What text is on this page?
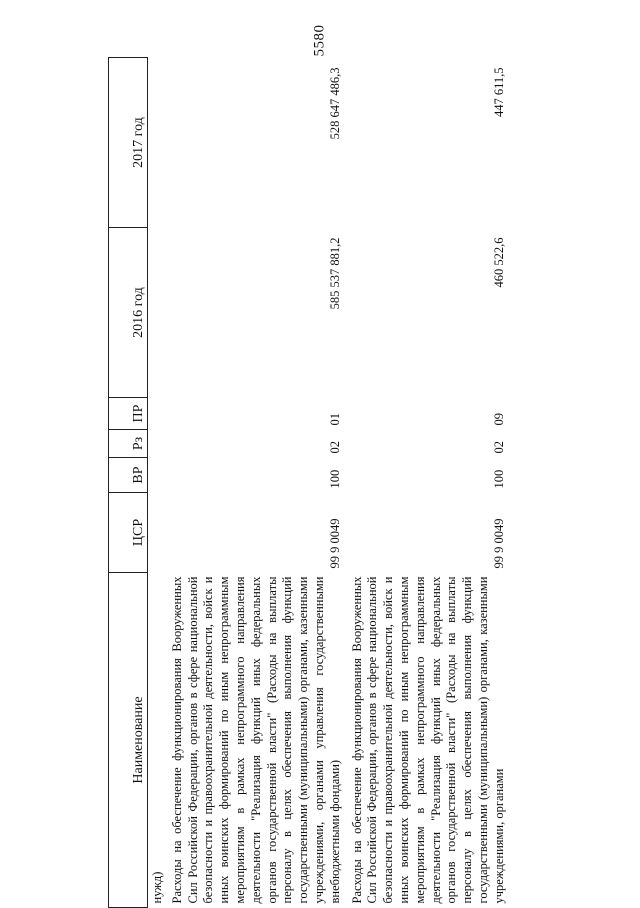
5580
Наименование	ЦСР	ВР	Рз	ПР	2016 год	2017 год
нужд)						
Расходы на обеспечение функционирования Вооруженных Сил Российской Федерации, органов в сфере национальной безопасности и правоохранительной деятельности, войск и иных воинских формирований по иным непрограммным мероприятиям в рамках непрограммного направления деятельности "Реализация функций иных федеральных органов государственной власти" (Расходы на выплаты персоналу в целях обеспечения выполнения функций государственными (муниципальными) органами, казенными учреждениями, органами управления государственными внебюджетными фондами)	99 9 0049	100	02	01	585 537 881,2	528 647 486,3

Расходы на обеспечение функционирования Вооруженных Сил Российской Федерации, органов в сфере национальной безопасности и правоохранительной деятельности, войск и иных воинских формирований по иным непрограммным мероприятиям в рамках непрограммного направления деятельности "Реализация функций иных федеральных органов государственной власти" (Расходы на выплаты персоналу в целях обеспечения выполнения функций государственными (муниципальными) органами, казенными учреждениями, органами	99 9 0049	100	02	09	460 522,6	447 611,5
